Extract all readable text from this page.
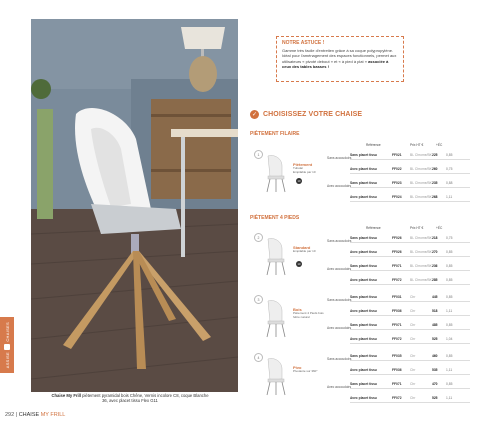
Chaise My Frill piètement pyramidal bois Chêne, Vernis incolore C8, coque Blanche 36, avec placet tissu Flex G11
CHAISES
ASSISE
292 | CHAISE MY FRILL
NOTRE ASTUCE !
Gamme très facile d'entretien grâce à sa coque polypropylène. Idéal pour l'aménagement des espaces fonctionnels, permet aux utilisateurs « pivoté debout » et « à pied à plat » associée à ceux des tables basses !
✓ CHOISISSEZ VOTRE CHAISE
PIÈTEMENT FILAIRE
Référence	Prix HT €	+ÉC
Sans accoudoirs
Sans placet tissu	FF021	BL Chrome/BK 225	0,85
Avec placet tissu	FF022	BL Chrome/BK 260	0,75
Avec accoudoirs
Sans placet tissu	FF023	BL Chrome/BK 235	0,88
Avec placet tissu	FF024	BL Chrome/BK 268	1,11
1
Piètement
Tubular
Empilable par 10
10
PIÈTEMENT 4 PIEDS
Référence	Prix HT €	+ÉC
Sans accoudoirs
Sans placet tissu	FF026	BL Chrome/BK 218	0,75
Avec placet tissu	FF026	BL Chrome/BK 270	0,85
Avec accoudoirs
Sans placet tissu	FF071	BL Chrome/BK 236	0,85
Avec placet tissu	FF072	BL Chrome/BK 285	0,85
Sans accoudoirs
Sans placet tissu	FF031	Chr	445	0,85
Avec placet tissu	FF036	Chr	518	1,11
Avec accoudoirs
Sans placet tissu	FF071	Chr	485	0,85
Avec placet tissu	FF072	Chr	525	1,04
Sans accoudoirs
Sans placet tissu	FF035	Chr	460	0,85
Avec placet tissu	FF036	Chr	535	1,11
Avec accoudoirs
Sans placet tissu	FF071	Chr	470	0,85
Avec placet tissu	FF072	Chr	525	1,11
2
Standard
Empilable par 10
10
3
Bois
Piètement 4 Pieds bois hêtre naturel
4
Pivo
Pivotante sur 360°
